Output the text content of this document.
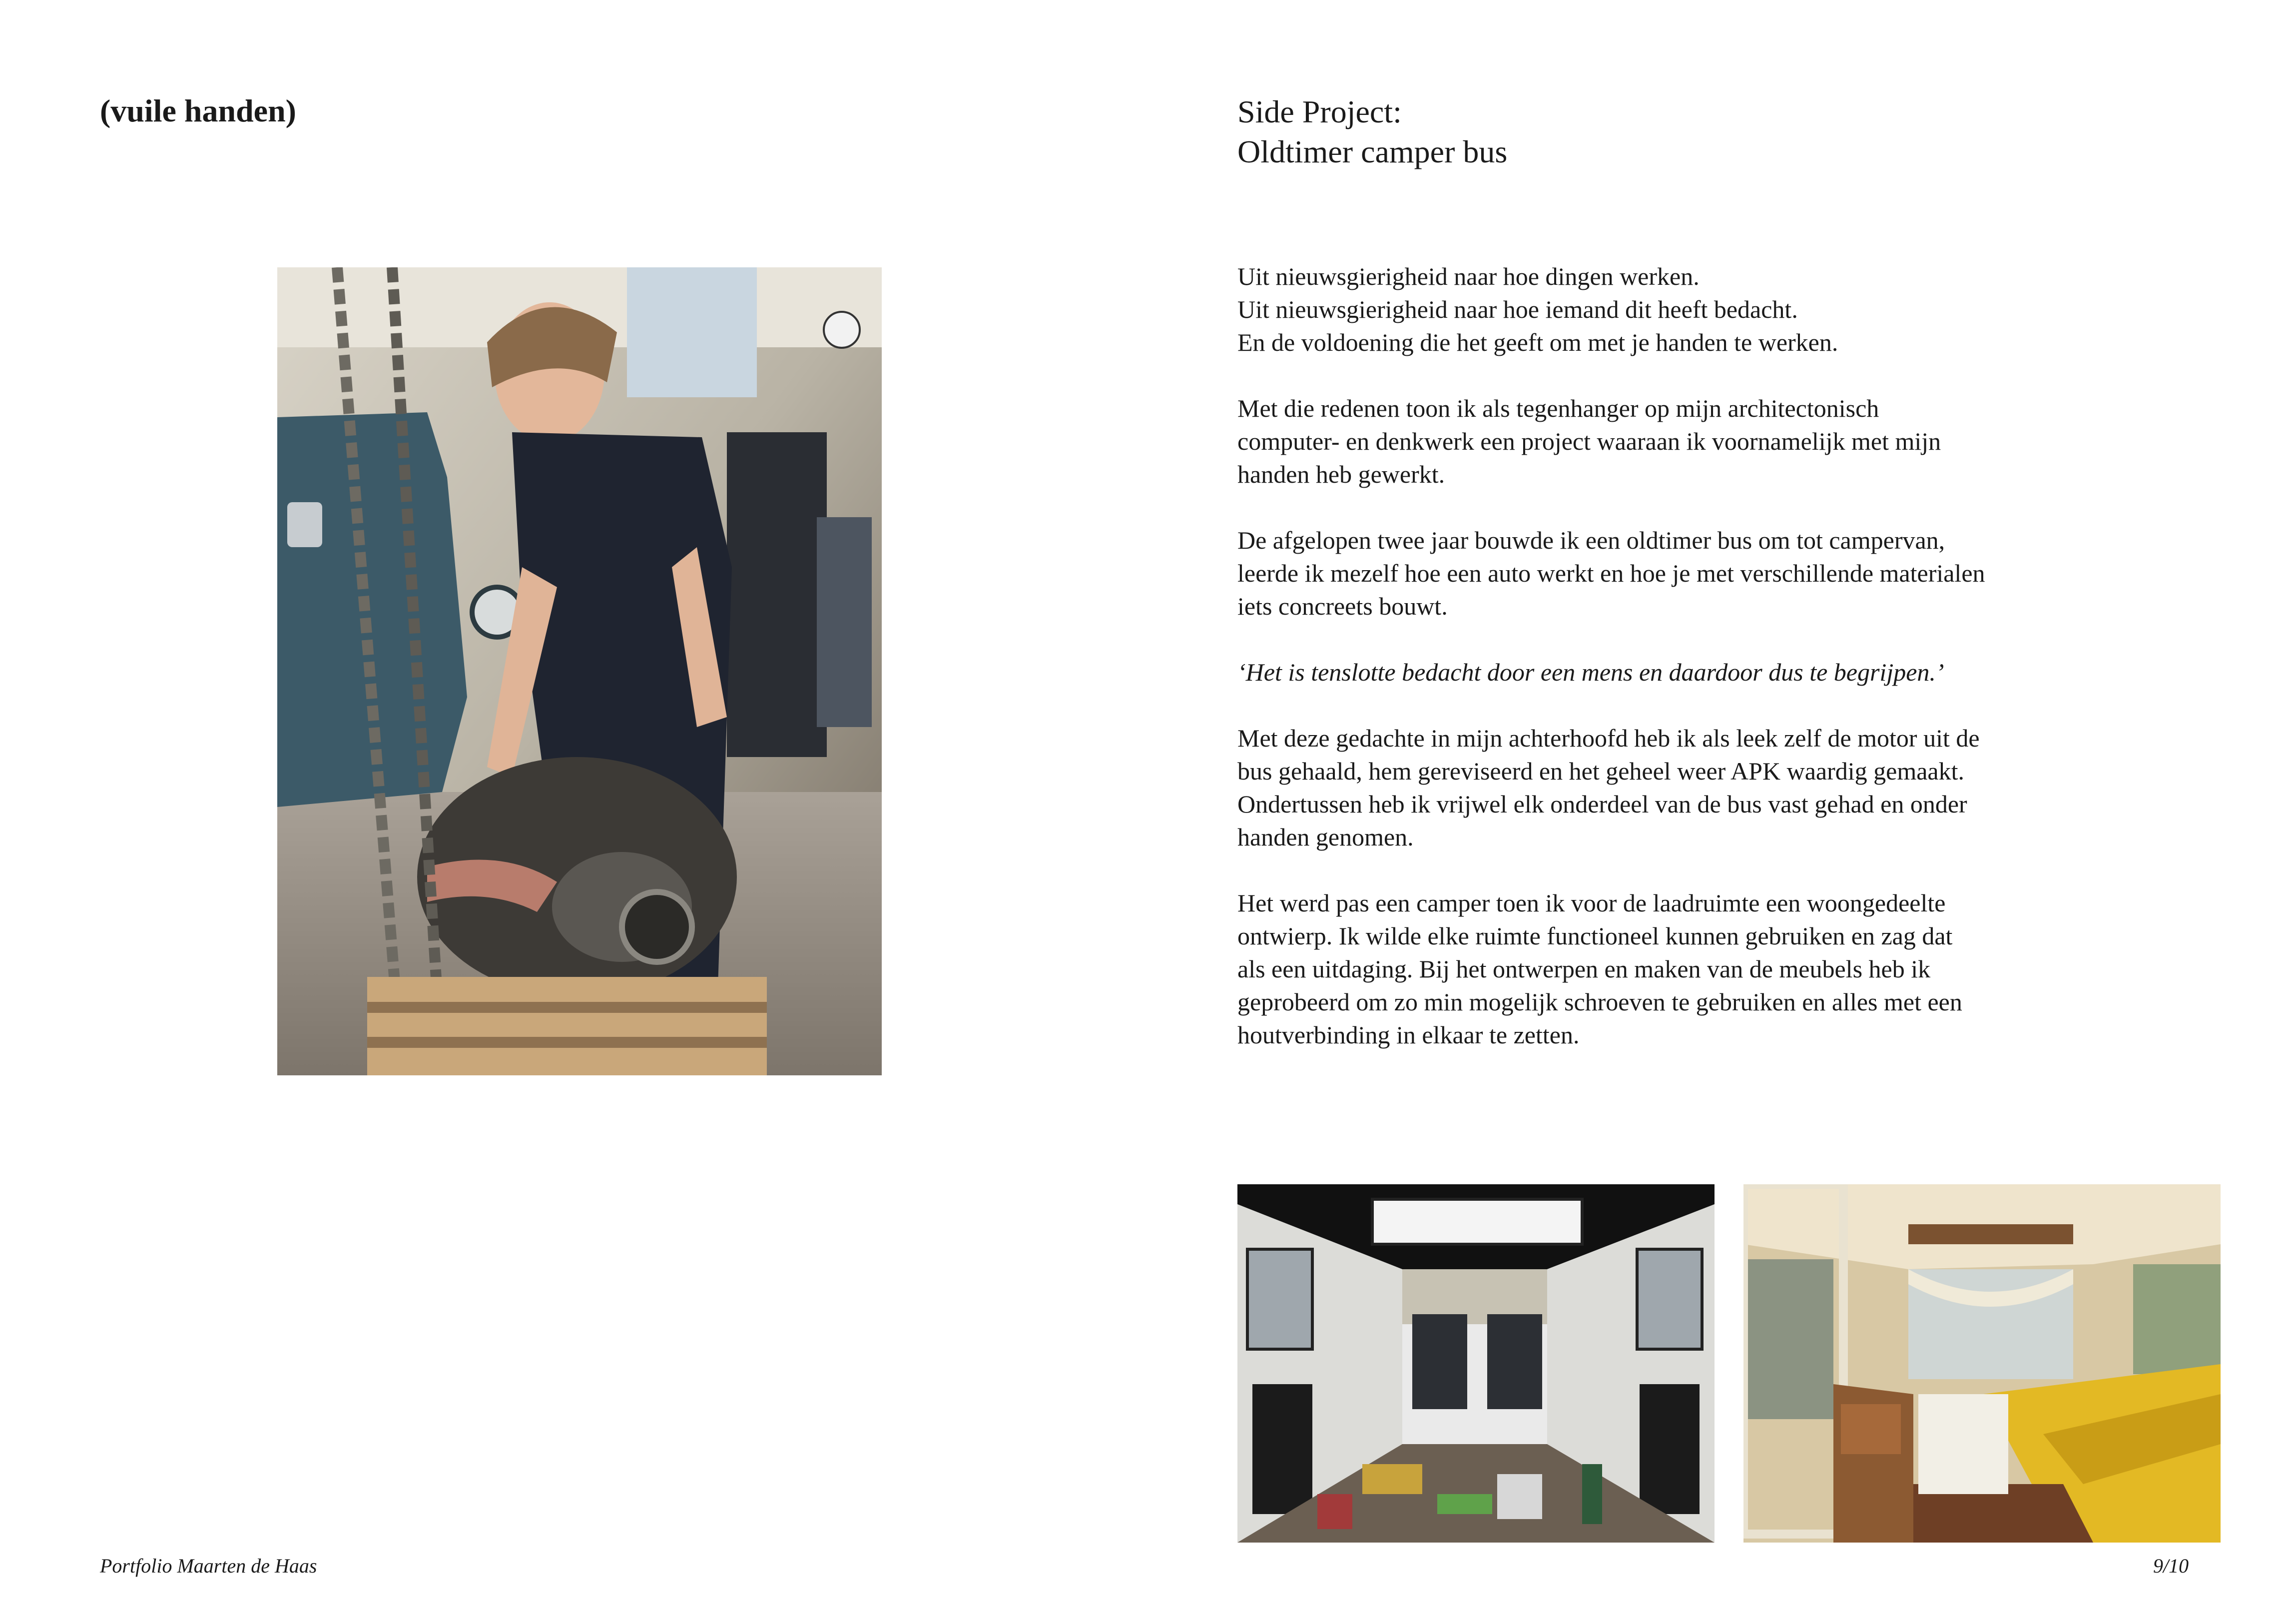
(vuile handen)	Side Project:
Oldtimer camper bus

Uit nieuwsgierigheid naar hoe dingen werken.
Uit nieuwsgierigheid naar hoe iemand dit heeft bedacht.
En de voldoening die het geeft om met je handen te werken.

Met die redenen toon ik als tegenhanger op mijn architectonisch
computer- en denkwerk een project waaraan ik voornamelijk met mijn
handen heb gewerkt.

De afgelopen twee jaar bouwde ik een oldtimer bus om tot campervan,
leerde ik mezelf hoe een auto werkt en hoe je met verschillende materialen
iets concreets bouwt.

‘Het is tenslotte bedacht door een mens en daardoor dus te begrijpen.’

Met deze gedachte in mijn achterhoofd heb ik als leek zelf de motor uit de
bus gehaald, hem gereviseerd en het geheel weer APK waardig gemaakt.
Ondertussen heb ik vrijwel elk onderdeel van de bus vast gehad en onder
handen genomen.

Het werd pas een camper toen ik voor de laadruimte een woongedeelte
ontwierp. Ik wilde elke ruimte functioneel kunnen gebruiken en zag dat
als een uitdaging. Bij het ontwerpen en maken van de meubels heb ik
geprobeerd om zo min mogelijk schroeven te gebruiken en alles met een
houtverbinding in elkaar te zetten.

Portfolio Maarten de Haas	9/10
